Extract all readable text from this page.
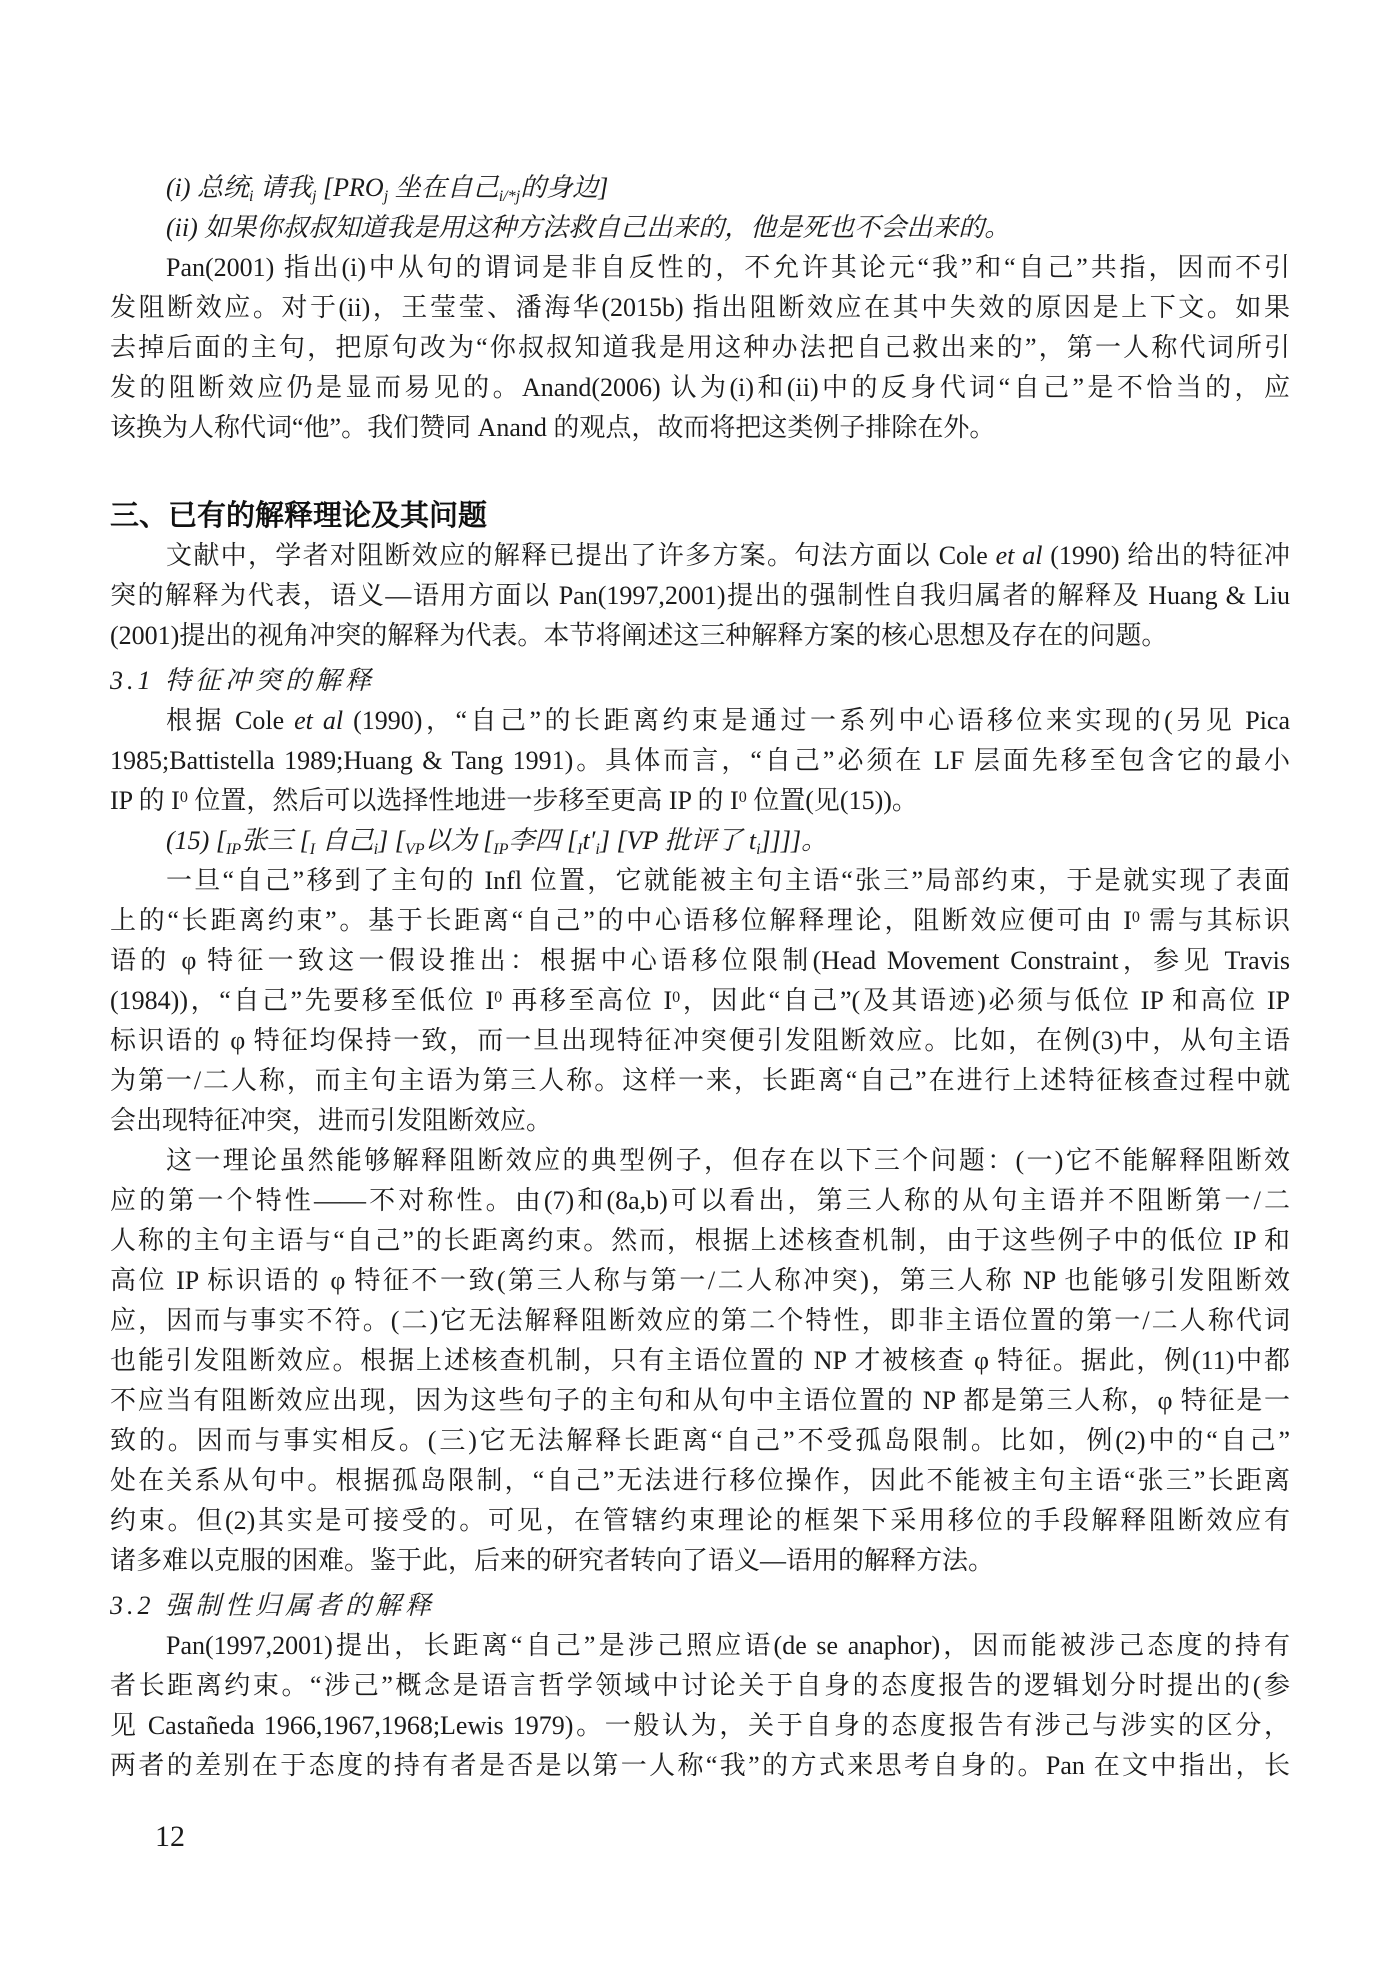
(i) 总统$_i$ 请我$_j$ [$PRO_j$ 坐在自己$_{i/*j}$的身边]
(ii) 如果你叔叔知道我是用这种方法救自己出来的，他是死也不会出来的。
Pan(2001) 指出(i)中从句的谓词是非自反性的，不允许其论元“我”和“自己”共指，因而不引
发阻断效应。对于(ii)，王莹莹、潘海华(2015b) 指出阻断效应在其中失效的原因是上下文。如果
去掉后面的主句，把原句改为“你叔叔知道我是用这种办法把自己救出来的”，第一人称代词所引
发的阻断效应仍是显而易见的。Anand(2006) 认为(i)和(ii)中的反身代词“自己”是不恰当的，应
该换为人称代词“他”。我们赞同 Anand 的观点，故而将把这类例子排除在外。
三、已有的解释理论及其问题
文献中，学者对阻断效应的解释已提出了许多方案。句法方面以 Cole et al (1990) 给出的特征冲
突的解释为代表，语义—语用方面以 Pan(1997,2001)提出的强制性自我归属者的解释及 Huang & Liu
(2001)提出的视角冲突的解释为代表。本节将阐述这三种解释方案的核心思想及存在的问题。
3.1 特征冲突的解释
根据 Cole et al (1990)，“自己”的长距离约束是通过一系列中心语移位来实现的(另见 Pica
1985;Battistella 1989;Huang & Tang 1991)。具体而言，“自己”必须在 LF 层面先移至包含它的最小
IP 的 $I^0$ 位置，然后可以选择性地进一步移至更高 IP 的 $I^0$ 位置(见(15))。
(15) [$_{IP}$张三 [$_I$ 自己$_i$] [$_{VP}$以为 [$_{IP}$李四 $[_It'_i]$ [VP 批评了 $t_i$]]]]。
一旦“自己”移到了主句的 Infl 位置，它就能被主句主语“张三”局部约束，于是就实现了表面
上的“长距离约束”。基于长距离“自己”的中心语移位解释理论，阻断效应便可由 $I^0$ 需与其标识
语的 φ 特征一致这一假设推出：根据中心语移位限制(Head Movement Constraint，参见 Travis
(1984))，“自己”先要移至低位 $I^0$ 再移至高位 $I^0$，因此“自己”(及其语迹)必须与低位 IP 和高位 IP
标识语的 φ 特征均保持一致，而一旦出现特征冲突便引发阻断效应。比如，在例(3)中，从句主语
为第一/二人称，而主句主语为第三人称。这样一来，长距离“自己”在进行上述特征核查过程中就
会出现特征冲突，进而引发阻断效应。
这一理论虽然能够解释阻断效应的典型例子，但存在以下三个问题：(一)它不能解释阻断效
应的第一个特性——不对称性。由(7)和(8a,b)可以看出，第三人称的从句主语并不阻断第一/二
人称的主句主语与“自己”的长距离约束。然而，根据上述核查机制，由于这些例子中的低位 IP 和
高位 IP 标识语的 φ 特征不一致(第三人称与第一/二人称冲突)，第三人称 NP 也能够引发阻断效
应，因而与事实不符。(二)它无法解释阻断效应的第二个特性，即非主语位置的第一/二人称代词
也能引发阻断效应。根据上述核查机制，只有主语位置的 NP 才被核查 φ 特征。据此，例(11)中都
不应当有阻断效应出现，因为这些句子的主句和从句中主语位置的 NP 都是第三人称，φ 特征是一
致的。因而与事实相反。(三)它无法解释长距离“自己”不受孤岛限制。比如，例(2)中的“自己”
处在关系从句中。根据孤岛限制，“自己”无法进行移位操作，因此不能被主句主语“张三”长距离
约束。但(2)其实是可接受的。可见，在管辖约束理论的框架下采用移位的手段解释阻断效应有
诸多难以克服的困难。鉴于此，后来的研究者转向了语义—语用的解释方法。
3.2 强制性归属者的解释
Pan(1997,2001)提出，长距离“自己”是涉己照应语(de se anaphor)，因而能被涉己态度的持有
者长距离约束。“涉己”概念是语言哲学领域中讨论关于自身的态度报告的逻辑划分时提出的(参
见 Castañeda 1966,1967,1968;Lewis 1979)。一般认为，关于自身的态度报告有涉己与涉实的区分，
两者的差别在于态度的持有者是否是以第一人称“我”的方式来思考自身的。Pan 在文中指出，长
12
